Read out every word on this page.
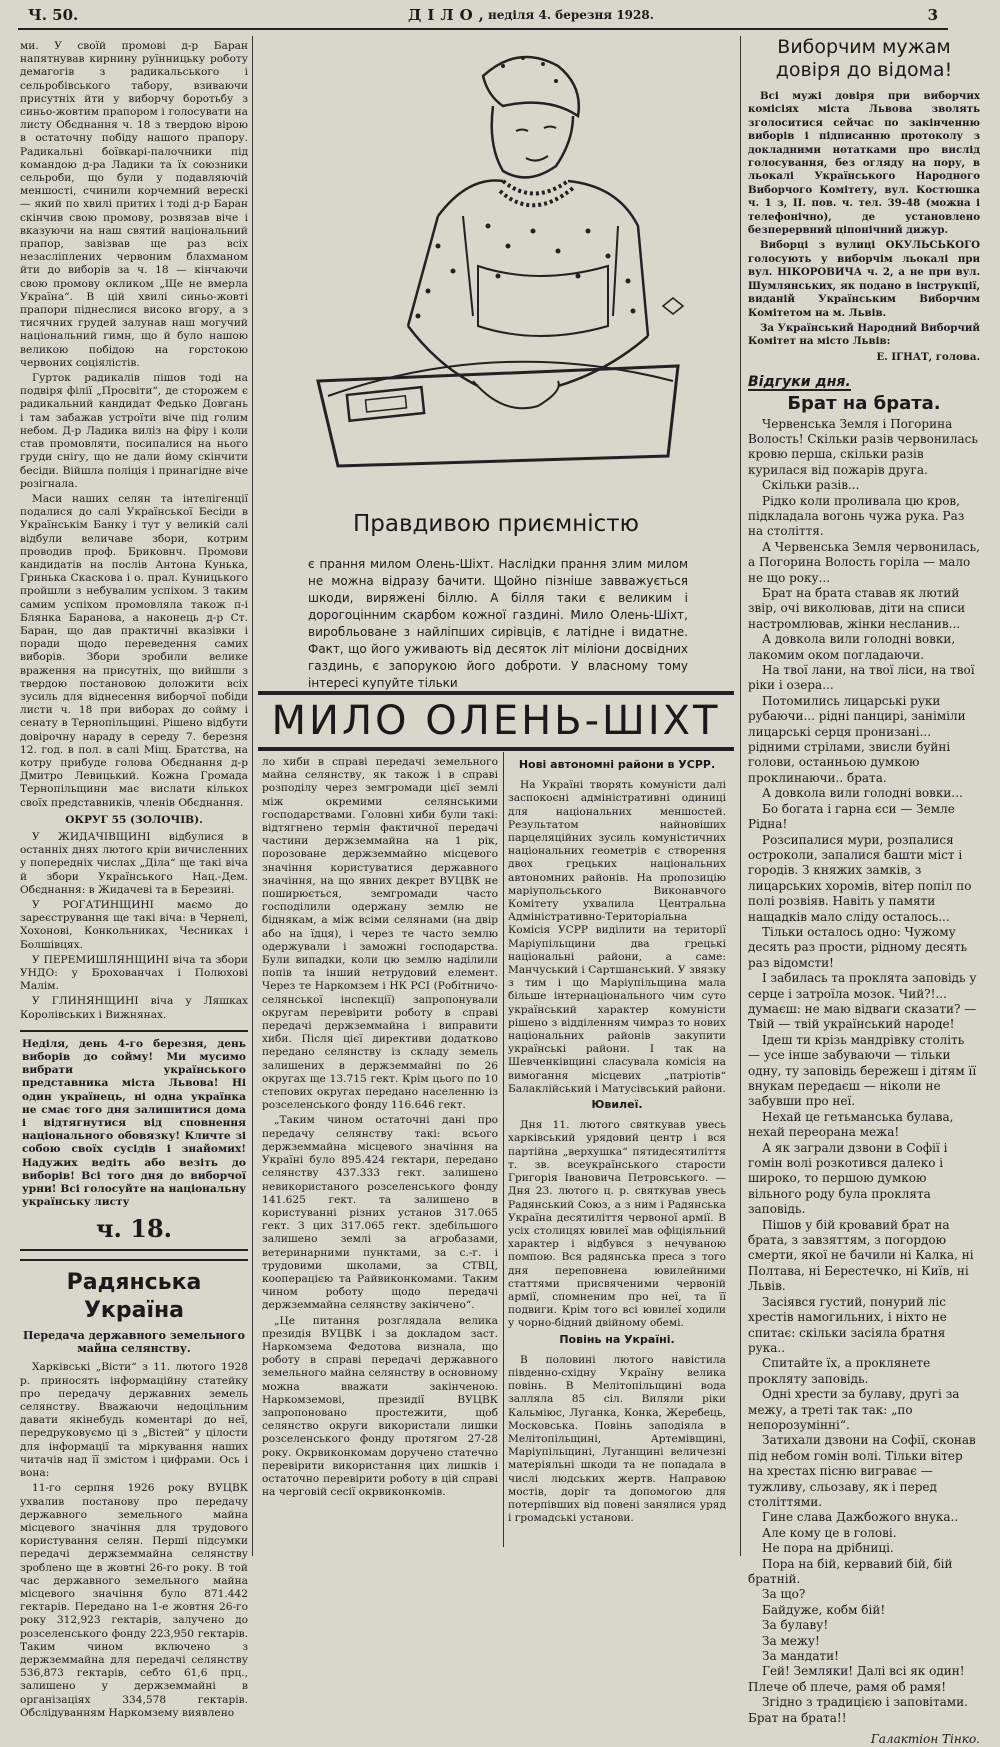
Ч. 50.	ДІЛО,
неділя 4. березня 1928.	3

ми. У своїй промові д-р Баран напятнував кирнину руїнницьку роботу демагогів з радикальського і сельробівського табору, взиваючи присутніх йти у виборчу боротьбу з синьо-жовтим прапором і голосувати на листу Обєднання ч. 18 з твердою вірою в остаточну побіду нашого прапору. Радикальні боївкарі-палочники під командою д-ра Ладики та їх союзники сельроби, що були у подавляючій меншості, счинили корчемний верескі — який по хвилі притих і тоді д-р Баран скінчив свою промову, розвязав віче і вказуючи на наш святий національний прапор, завізвав ще раз всіх незасліплених червоним блахманом йти до виборів за ч. 18 — кінчаючи свою промову окликом „Ще не вмерла Україна“. В цій хвилі синьо-жовті прапори піднеслися високо вгору, а з тисячних грудей залунав наш могучий національний гимн, що й було нашою великою побідою на горстокою червоних соціялістів.

Гурток радикалів пішов тоді на подвіря філії „Просвіти“, де сторожем є радикальний кандидат Федько Довгань і там забажав устроїти віче під голим небом. Д-р Ладика виліз на фіру і коли став промовляти, посипалися на нього груди снігу, що не дали йому скінчити бесіди. Війшла поліція і принагідне віче розігнала.

Маси наших селян та інтелігенції подалися до салі Української Бесіди в Українськім Банку і тут у великій салі відбули величаве збори, котрим проводив проф. Бриковнч. Промови кандидатів на послів Антона Кунька, Гринька Скаскова і о. прал. Куницького пройшли з небувалим успіхом. З таким самим успіхом промовляла також п-і Блянка Баранова, а наконець д-р Ст. Баран, що дав практичні вказівки і поради щодо переведення самих виборів. Збори зробили велике враження на присутніх, що вийшли з твердою постановою доложити всіх зусиль для віднесення виборчої побіди листи ч. 18 при виборах до сойму і сенату в Тернопільщині. Рішено відбути довірочну нараду в середу 7. березня 12. год. в пол. в салі Міщ. Братства, на котру прибуде голова Обєднання д-р Дмитро Левицький. Кожна Громада Тернопільщини має вислати кількох своїх представників, членів Обєднання.

ОКРУГ 55 (ЗОЛОЧІВ).

У ЖИДАЧІВЩИНІ відбулися в останніх днях лютого кріи вичисленних у попередніх числах „Діла“ ще такі віча й збори Українського Нац.-Дем. Обєднання: в Жидачеві та в Березині.

У РОГАТИНЩИНІ маємо до зареєстрування ще такі віча: в Чернелі, Хохонові, Конкольниках, Чесниках і Болшівцях.

У ПЕРЕМИШЛЯНЩИНІ віча та збори УНДО: у Брохованчах і Полюхові Малім.

У ГЛИНЯНЩИНІ віча у Ляшках Королівських і Вижнянах.

Неділя, день 4-го березня, день виборів до сойму! Ми мусимо вибрати українського представника міста Львова! Ні один українець, ні одна українка не смає того дня залишитися дома і відтягнутися від сповнення національного обовязку! Кличте зі собою своїх сусідів і знайомих! Надужих ведіть або везіть до виборів! Всі того дня до виборчої урни! Всі голосуйте на національну українську листу

ч. 18.
Радянська Україна
Передача державного земельного майна селянству.

Харківські „Вісти“ з 11. лютого 1928 р. приносять інформаційну статейку про передачу державних земель селянству. Вважаючи недоцільним давати якінебудь коментарі до неї, передруковуємо ці з „Вістей“ у цілости для інформації та міркування наших читачів над її змістом і цифрами. Ось і вона:

11-го серпня 1926 року ВУЦВК ухвалив постанову про передачу державного земельного майна місцевого значіння для трудового користування селян. Перші підсумки передачі держземмайна селянству зроблено ще в жовтні 26-го року. В той час державного земельного майна місцевого значіння було 871.442 гектарів. Передано на 1-е жовтня 26-го року 312,923 гектарів, залучено до розселенського фонду 223,950 гектарів. Таким чином включено з держземмайна для передачі селянству 536,873 гектарів, себто 61,6 прц., залишено у держземмайні в організаціях 334,578 гектарів. Обслідуванням Наркомзему виявлено

Правдивою приємністю
є прання милом Олень-Шіхт. Наслідки прання злим милом не можна відразу бачити. Щойно пізніше завважується шкоди, виряжені біллю. А білля таки є великим і дорогоцінним скарбом кожної газдині. Мило Олень-Шіхт, виробльоване з найліпших сирівців, є латідне і видатне. Факт, що його уживають від десяток літ мілiони досвідних газдинь, є запорукою його доброти. У власному тому інтересі купуйте тільки
МИЛО ОЛЕНЬ-ШІХТ

ло хиби в справі передачі земельного майна селянству, як також і в справі розподілу через земгромади цієї землі між окремими селянськими господарствами. Головні хиби були такі: відтягнено термін фактичної передачі частини держземмайна на 1 рік, порозоване держземмайно місцевого значіння користуватися державного значіння, на що явних декрет ВУЦВК не поширюється, земгромади часто господілили одержану землю не біднякам, а між всіми селянами (на двір або на їдця), і через те часто землю одержували і заможні господарства. Були випадки, коли цю землю наділили попів та інший нетрудовий елемент. Через те Наркомзем і НК РСІ (Робітничо-селянської інспекції) запропонували округам перевірити роботу в справі передачі держземмайна і виправити хиби. Після цієї директиви додатково передано селянству із складу земель залишених в держземмайні по 26 округах ще 13.715 гект. Крім цього по 10 степових округах передано населенню із розселенського фонду 116.646 гект.

„Таким чином остаточні дані про передачу селянству такі: всього держземмайна місцевого значіння на Україні було 895.424 гектари, передано селянству 437.333 гект. залишено невикористаного розселенського фонду 141.625 гект. та залишено в користуванні різних установ 317.065 гект. З цих 317.065 гект. здебільшого залишено землі за агробазами, ветеринарними пунктами, за с.-г. і трудовими школами, за СТВЦ, кооперацією та Райвиконкомами. Таким чином роботу щодо передачі держземмайна селянству закінчено“.

„Це питання розглядала велика президія ВУЦВК і за докладом заст. Наркомзема Федотова визнала, що роботу в справі передачі державного земельного майна селянству в основному можна вважати закінченою. Наркомземові, президії ВУЦВК запропоновано простежити, щоб селянство округи використали лишки розселенського фонду протягом 27-28 року. Окрвиконкомам доручено статечно перевірити використання цих лишків і остаточно перевірити роботу в цій справі на черговій сесії окрвиконкомів.

Нові автономні райони в УСРР.

На Україні творять комуністи далі заспокоєні адміністративні одиниці для національних меншостей. Результатом найновіших парцеляційних зусиль комуністичних національних геометрів є створення двох грецьких національних автономних районів. На пропозицію маріупольського Виконавчого Комітету ухвалила Центральна Адміністративно-Територіальна Комісія УСРР виділити на території Маріупільщини два грецькі національні райони, а саме: Манчуський і Сартшанський. У звязку з тим і що Маріупільщина мала більше інтернаціонального чим суто український характер комуністи рішено з відділенням чимраз то нових національних районів закупити українські райони. І так на Шевченківщині сласувала комісія на вимогання місцевих „патріотів“ Балаклійський і Матусівський райони.

Ювилеї.

Дня 11. лютого святкував увесь харківський урядовий центр і вся партійна „верхушка“ пятидесятиліття т. зв. всеукраїнського старости Григорія Івановича Петровського. — Дня 23. лютого ц. р. святкував увесь Радянський Союз, а з ним і Радянська Україна десятиліття червоної армії. В усіх столицях ювилеї мав офіціяльний характер і відбувся з нечуваною помпою. Вся радянська преса з того дня переповнена ювилейними статтями присвяченими червоній армії, спомненим про неї, та її подвиги. Крім того всі ювилеї ходили у чорно-бідний двійному обемі.

Повінь на Україні.

В половині лютого навістила південно-східну Україну велика повінь. В Мелітопільщині вода залляла 85 сіл. Виляли ріки Кальміюс, Луганка, Конка, Жеребець, Московська. Повінь заподіяла в Мелітопільщині, Артемівщині, Маріупільщині, Луганщині величезні матеріяльні шкоди та не попадала в числі людських жертв. Направою мостів, доріг та допомогою для потерпівших від повені занялися уряд і громадські установи.

Виборчим мужам довіря до відома!

Всі мужі довіря при виборчих комісіях міста Львова зволять зголоситися сейчас по закінченню виборів і підписанню протоколу з докладними нотатками про вислід голосування, без огляду на пору, в льокалі Українського Народного Виборчого Комітету, вул. Костюшка ч. 1 з, II. пов. ч. тел. 39-48 (можна і телефонічно), де установлено безперервний ціпонічний дижур.

Виборці з вулиці ОКУЛЬСЬКОГО голосують у виборчім льокалі при вул. НІКОРОВИЧА ч. 2, а не при вул. Шумлянських, як подано в інструкції, виданій Українським Виборчим Комітетом на м. Львів.

За Український Народний Виборчий Комітет на місто Львів:

Е. ІГНАТ, голова.

Відгуки дня.
Брат на брата.

Червенська Земля і Погорина Волость! Скільки разів червонилась кровю перша, скільки разів курилася від пожарів друга.

Скільки разів...

Рідко коли проливала цю кров, підкладала вогонь чужа рука. Раз на століття.

А Червенська Земля червонилась, а Погорина Волость горіла — мало не що року...

Брат на брата ставав як лютий звір, очі виколював, діти на списи настромлював, жінки несланив...

А довкола вили голодні вовки, лакомим оком погладаючи.

На твої лани, на твої ліси, на твої ріки і озера...

Потомились лицарські руки рубаючи... рідні панцирі, заніміли лицарські серця пронизані... рідними стрілами, звисли буйні голови, останньою думкою проклинаючи.. брата.

А довкола вили голодні вовки...

Бо богата і гарна єси — Земле Рідна!

Розсипалися мури, розпалися остроколи, запалися башти міст і городів. З княжих замків, з лицарських хоромів, вітер попіл по полі розвіяв. Навіть у памяти нащадків мало сліду осталось...

Тільки осталось одно: Чужому десять раз прости, рідному десять раз відомсти!

І забилась та проклята заповідь у серце і затроїла мозок. Чий?!... думаєш: не маю відваги сказати? — Твій — твій український народе!

Ідеш ти крізь мандрівку століть — усе інше забуваючи — тільки одну, ту заповідь бережеш і дітям її внукам передаєш — ніколи не забувши про неї.

Нехай це гетьманська булава, нехай переорана межа!

А як заграли дзвони в Софії і гомін волі розкотився далеко і широко, то першою думкою вільного роду була проклята заповідь.

Пішов у бій кровавий брат на брата, з завзяттям, з погордою смерти, якої не бачили ні Калка, ні Полтава, ні Берестечко, ні Київ, ні Львів.

Засіявся густий, понурий ліс хрестів намогильних, і ніхто не спитає: скільки засіяла братня рука..

Спитайте їх, а проклянете прокляту заповідь.

Одні хрести за булаву, другі за межу, а треті так так: „по непорозумінні“.

Затихали дзвони на Софії, сконав під небом гомін волі. Тільки вітер на хрестах пісню виграває — тужливу, сльозаву, як і перед століттями.

Гине слава Дажбожого внука..

Але кому це в голові.

Не пора на дрібниці.

Пора на бій, кервавий бій, бій братній.

За що?

Байдуже, кобм бій!

За булаву!

За межу!

За мандати!

Гей! Земляки! Далі всі як один! Плече об плече, рамя об рамя!

Згідно з традицією і заповітами. Брат на брата!!

Галактіон Тінко.
